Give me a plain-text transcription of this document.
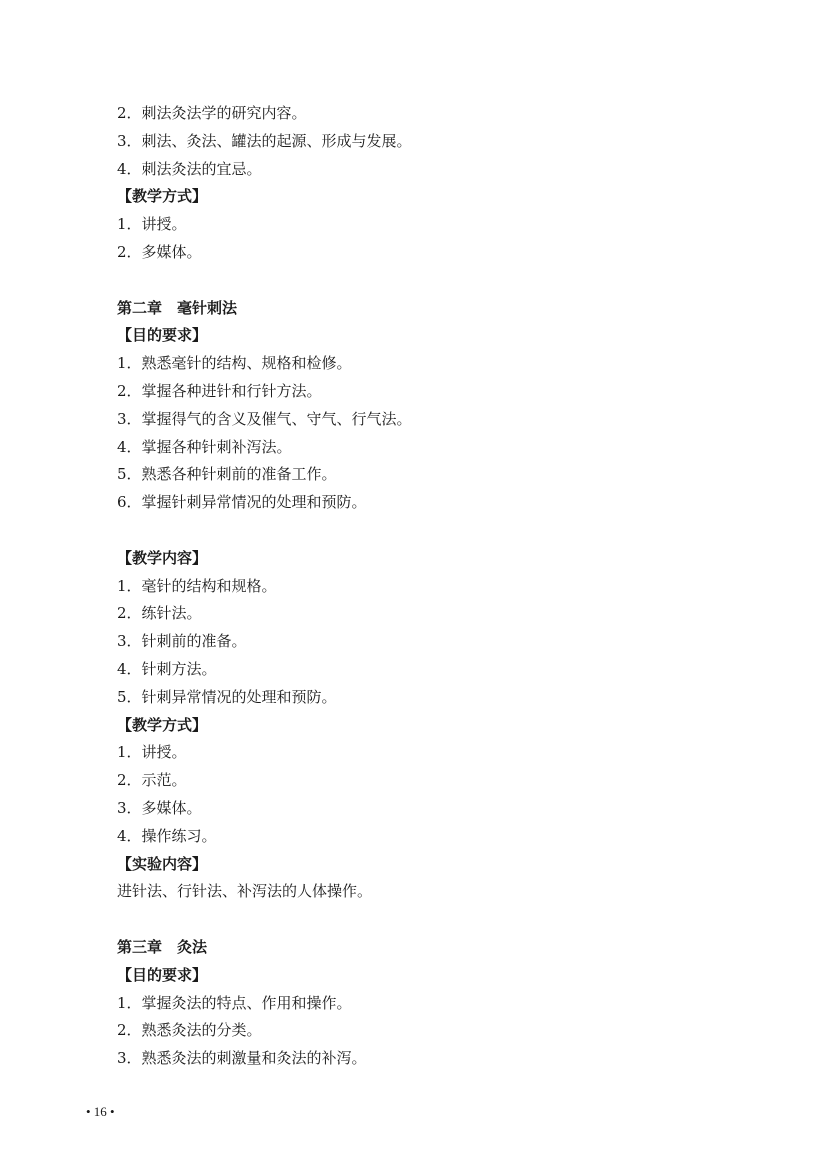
2．刺法灸法学的研究内容。
3．刺法、灸法、罐法的起源、形成与发展。
4．刺法灸法的宜忌。
【教学方式】
1．讲授。
2．多媒体。
第二章　毫针刺法
【目的要求】
1．熟悉毫针的结构、规格和检修。
2．掌握各种进针和行针方法。
3．掌握得气的含义及催气、守气、行气法。
4．掌握各种针刺补泻法。
5．熟悉各种针刺前的准备工作。
6．掌握针刺异常情况的处理和预防。
【教学内容】
1．毫针的结构和规格。
2．练针法。
3．针刺前的准备。
4．针刺方法。
5．针刺异常情况的处理和预防。
【教学方式】
1．讲授。
2．示范。
3．多媒体。
4．操作练习。
【实验内容】
进针法、行针法、补泻法的人体操作。
第三章　灸法
【目的要求】
1．掌握灸法的特点、作用和操作。
2．熟悉灸法的分类。
3．熟悉灸法的刺激量和灸法的补泻。
• 16 •
